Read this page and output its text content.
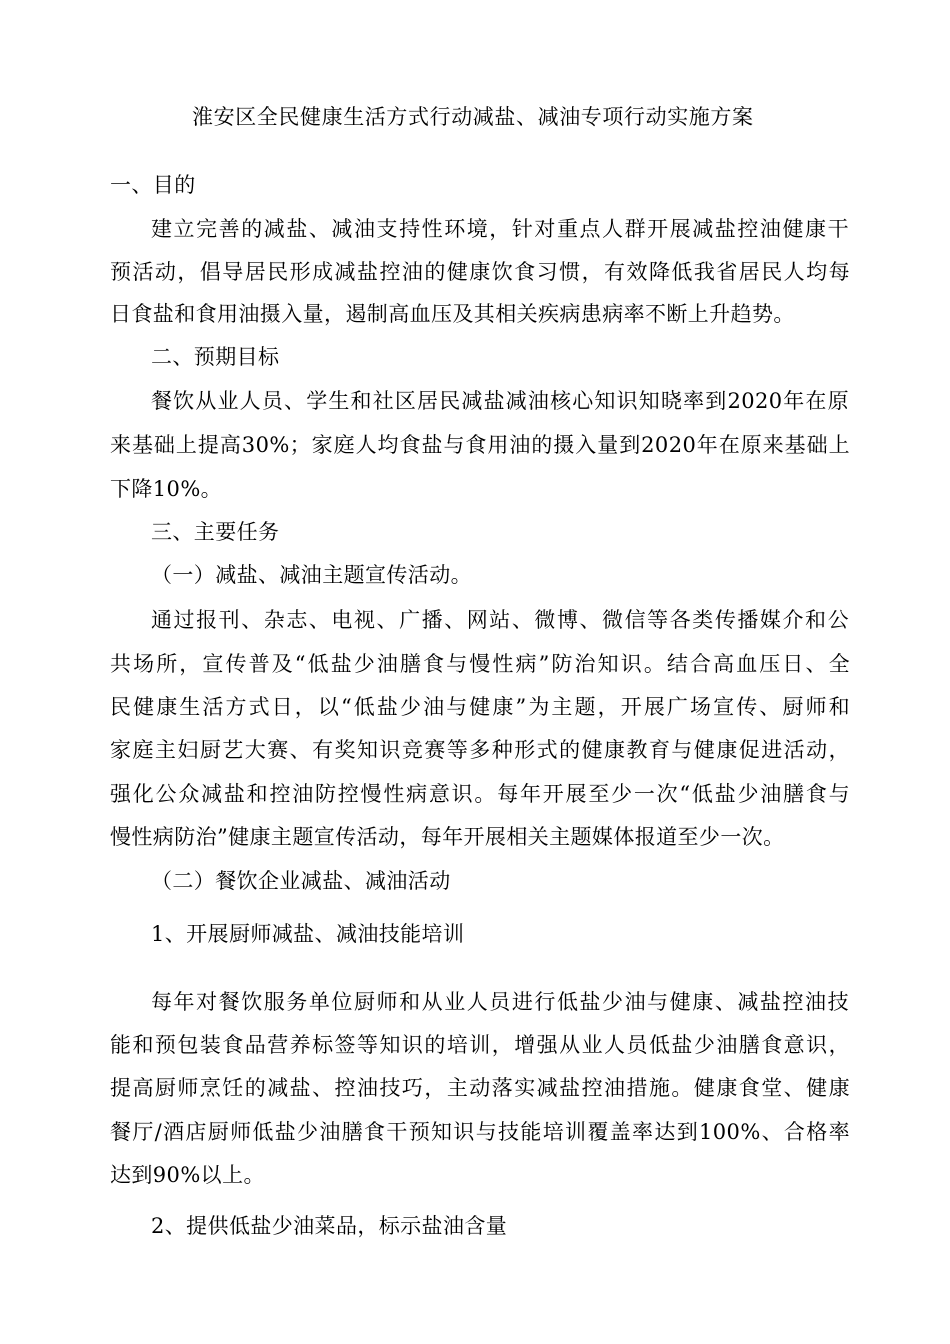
淮安区全民健康生活方式行动减盐、减油专项行动实施方案
一、目的
建立完善的减盐、减油支持性环境，针对重点人群开展减盐控油健康干
预活动，倡导居民形成减盐控油的健康饮食习惯，有效降低我省居民人均每
日食盐和食用油摄入量，遏制高血压及其相关疾病患病率不断上升趋势。
二、预期目标
餐饮从业人员、学生和社区居民减盐减油核心知识知晓率到2020年在原
来基础上提高30%；家庭人均食盐与食用油的摄入量到2020年在原来基础上
下降10%。
三、主要任务
（一）减盐、减油主题宣传活动。
通过报刊、杂志、电视、广播、网站、微博、微信等各类传播媒介和公
共场所，宣传普及“低盐少油膳食与慢性病”防治知识。结合高血压日、全
民健康生活方式日，以“低盐少油与健康”为主题，开展广场宣传、厨师和
家庭主妇厨艺大赛、有奖知识竞赛等多种形式的健康教育与健康促进活动，
强化公众减盐和控油防控慢性病意识。每年开展至少一次“低盐少油膳食与
慢性病防治”健康主题宣传活动，每年开展相关主题媒体报道至少一次。
（二）餐饮企业减盐、减油活动
1、开展厨师减盐、减油技能培训
每年对餐饮服务单位厨师和从业人员进行低盐少油与健康、减盐控油技
能和预包装食品营养标签等知识的培训，增强从业人员低盐少油膳食意识，
提高厨师烹饪的减盐、控油技巧，主动落实减盐控油措施。健康食堂、健康
餐厅/酒店厨师低盐少油膳食干预知识与技能培训覆盖率达到100%、合格率
达到90%以上。
2、提供低盐少油菜品，标示盐油含量
